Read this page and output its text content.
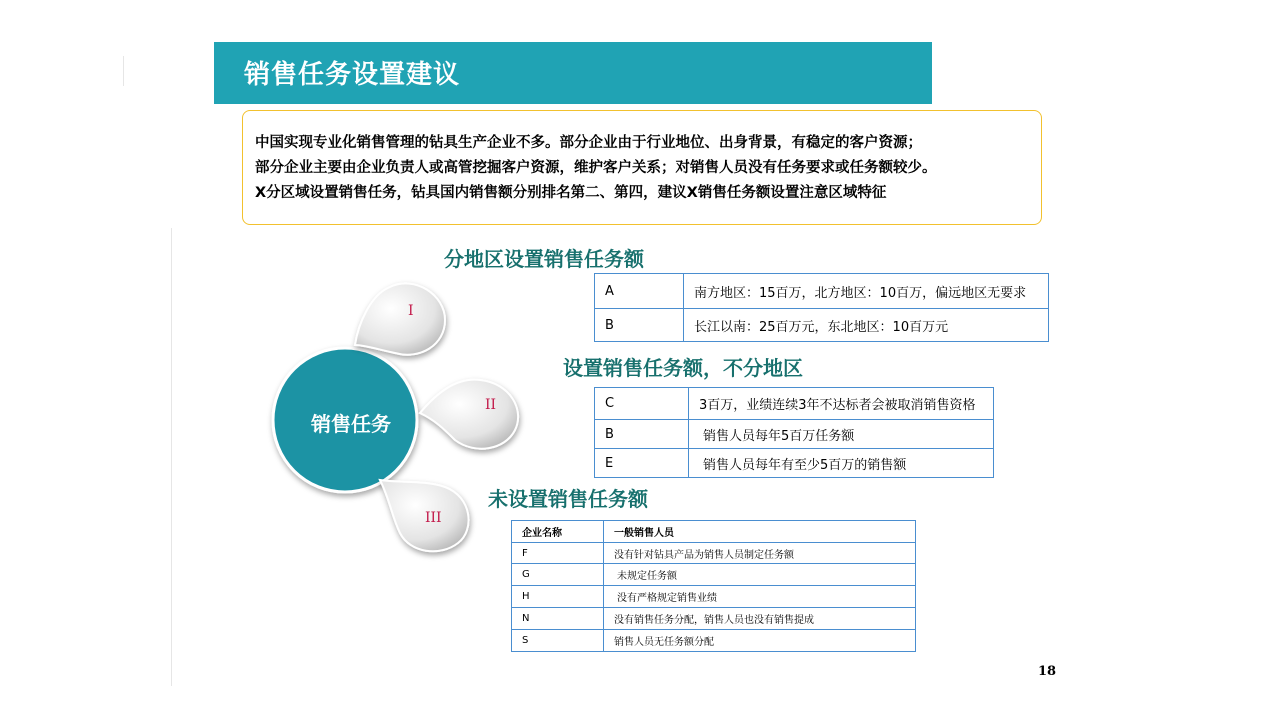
销售任务设置建议
中国实现专业化销售管理的钻具生产企业不多。部分企业由于行业地位、出身背景，有稳定的客户资源；
部分企业主要由企业负责人或高管挖掘客户资源，维护客户关系；对销售人员没有任务要求或任务额较少。
X分区域设置销售任务，钻具国内销售额分别排名第二、第四，建议X销售任务额设置注意区域特征
销售任务
I
II
III
分地区设置销售任务额
A	南方地区：15百万，北方地区：10百万，偏远地区无要求
B	长江以南：25百万元，东北地区：10百万元
设置销售任务额，不分地区
C	3百万，业绩连续3年不达标者会被取消销售资格
B	销售人员每年5百万任务额
E	销售人员每年有至少5百万的销售额
未设置销售任务额
企业名称	一般销售人员
F	没有针对钻具产品为销售人员制定任务额
G	未规定任务额
H	没有严格规定销售业绩
N	没有销售任务分配，销售人员也没有销售提成
S	销售人员无任务额分配
18
